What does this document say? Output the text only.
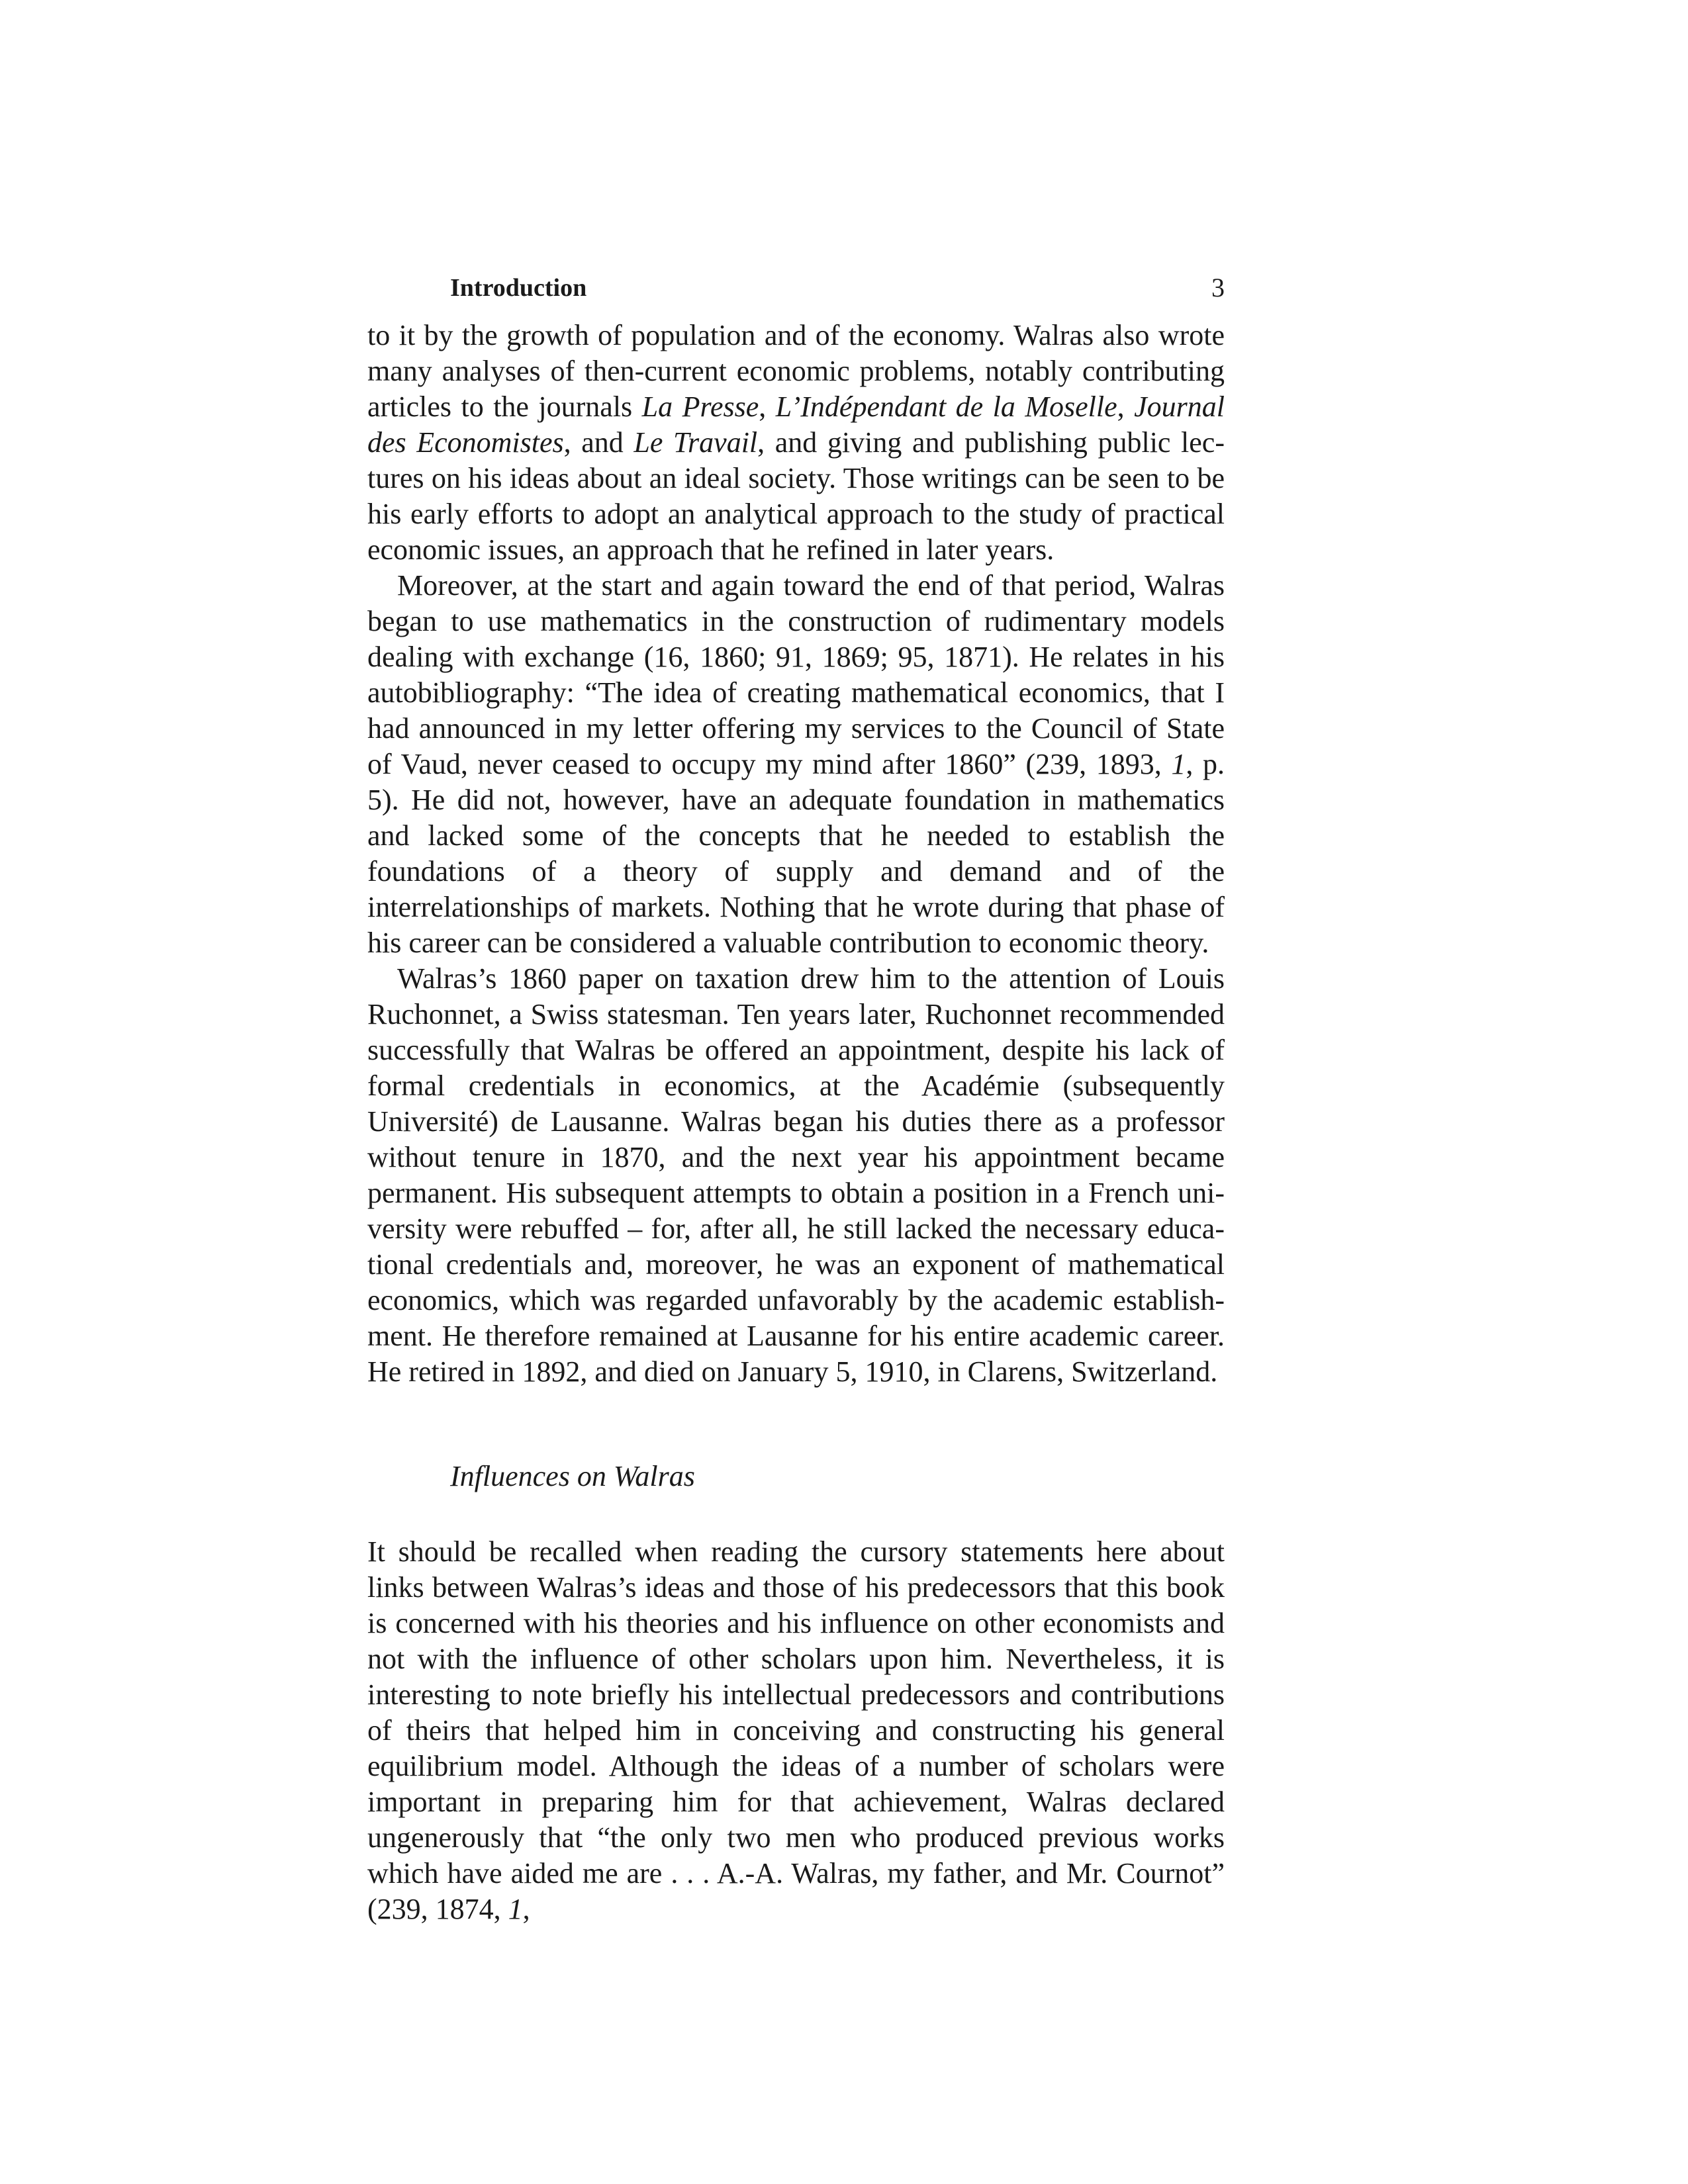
Introduction	3

to it by the growth of population and of the economy. Walras also wrote many analyses of then-current economic problems, notably contributing articles to the journals La Presse, L’Indépendant de la Moselle, Journal des Economistes, and Le Travail, and giving and publishing public lectures on his ideas about an ideal society. Those writings can be seen to be his early efforts to adopt an analytical approach to the study of practical economic issues, an approach that he refined in later years.

Moreover, at the start and again toward the end of that period, Walras began to use mathematics in the construction of rudimentary models dealing with exchange (16, 1860; 91, 1869; 95, 1871). He relates in his autobibliography: “The idea of creating mathematical economics, that I had announced in my letter offering my services to the Council of State of Vaud, never ceased to occupy my mind after 1860” (239, 1893, 1, p. 5). He did not, however, have an adequate foundation in mathematics and lacked some of the concepts that he needed to establish the foundations of a theory of supply and demand and of the interrelationships of markets. Nothing that he wrote during that phase of his career can be considered a valuable contribution to economic theory.

Walras’s 1860 paper on taxation drew him to the attention of Louis Ruchonnet, a Swiss statesman. Ten years later, Ruchonnet recommended successfully that Walras be offered an appointment, despite his lack of formal credentials in economics, at the Académie (subsequently Université) de Lausanne. Walras began his duties there as a professor without tenure in 1870, and the next year his appointment became permanent. His subsequent attempts to obtain a position in a French university were rebuffed – for, after all, he still lacked the necessary educational credentials and, moreover, he was an exponent of mathematical economics, which was regarded unfavorably by the academic establishment. He therefore remained at Lausanne for his entire academic career. He retired in 1892, and died on January 5, 1910, in Clarens, Switzerland.

Influences on Walras

It should be recalled when reading the cursory statements here about links between Walras’s ideas and those of his predecessors that this book is concerned with his theories and his influence on other economists and not with the influence of other scholars upon him. Nevertheless, it is interesting to note briefly his intellectual predecessors and contributions of theirs that helped him in conceiving and constructing his general equilibrium model. Although the ideas of a number of scholars were important in preparing him for that achievement, Walras declared ungenerously that “the only two men who produced previous works which have aided me are . . . A.-A. Walras, my father, and Mr. Cournot” (239, 1874, 1,
